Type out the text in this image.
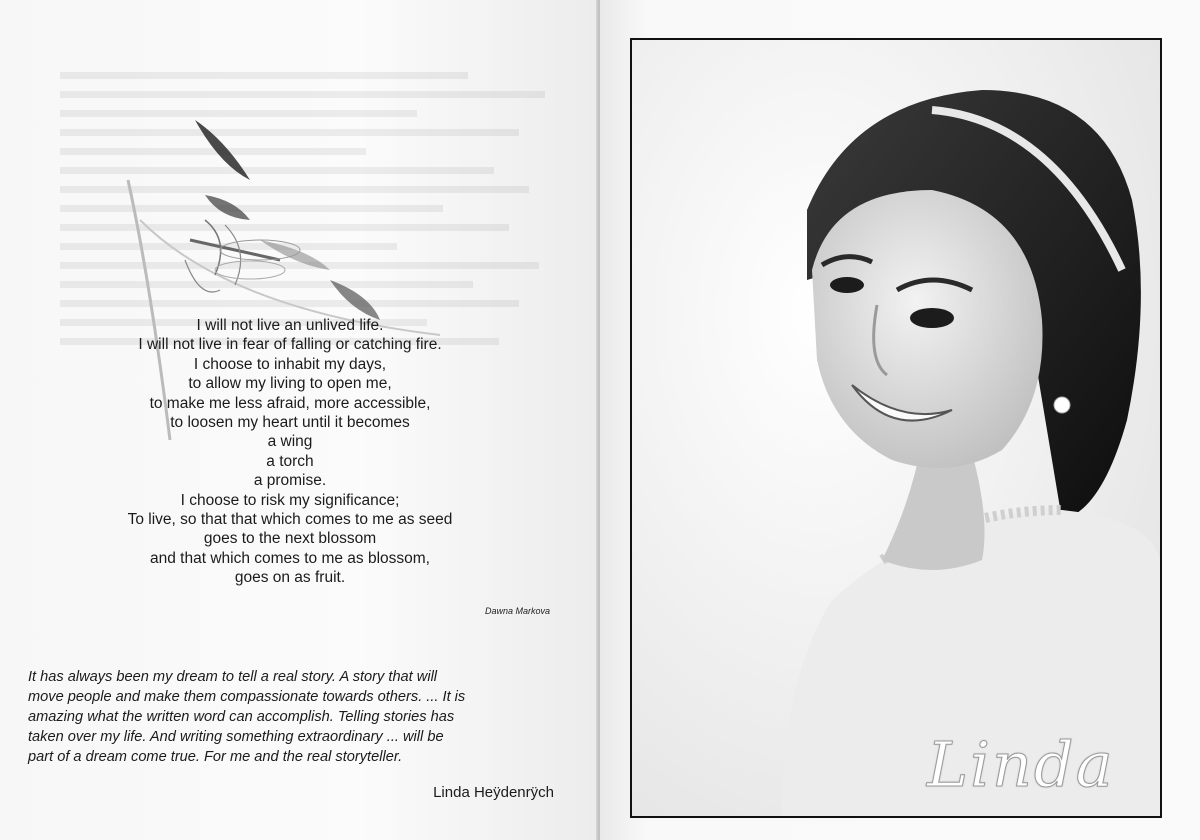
I will not live an unlived life.
I will not live in fear of falling or catching fire.
I choose to inhabit my days,
to allow my living to open me,
to make me less afraid, more accessible,
to loosen my heart until it becomes
a wing
a torch
a promise.
I choose to risk my significance;
To live, so that that which comes to me as seed
goes to the next blossom
and that which comes to me as blossom,
goes on as fruit.
Dawna Markova
It has always been my dream to tell a real story. A story that will
move people and make them compassionate towards others. ... It is
amazing what the written word can accomplish. Telling stories has
taken over my life. And writing something extraordinary ... will be
part of a dream come true. For me and the real storyteller.
Linda Heÿdenrÿch	Linda
